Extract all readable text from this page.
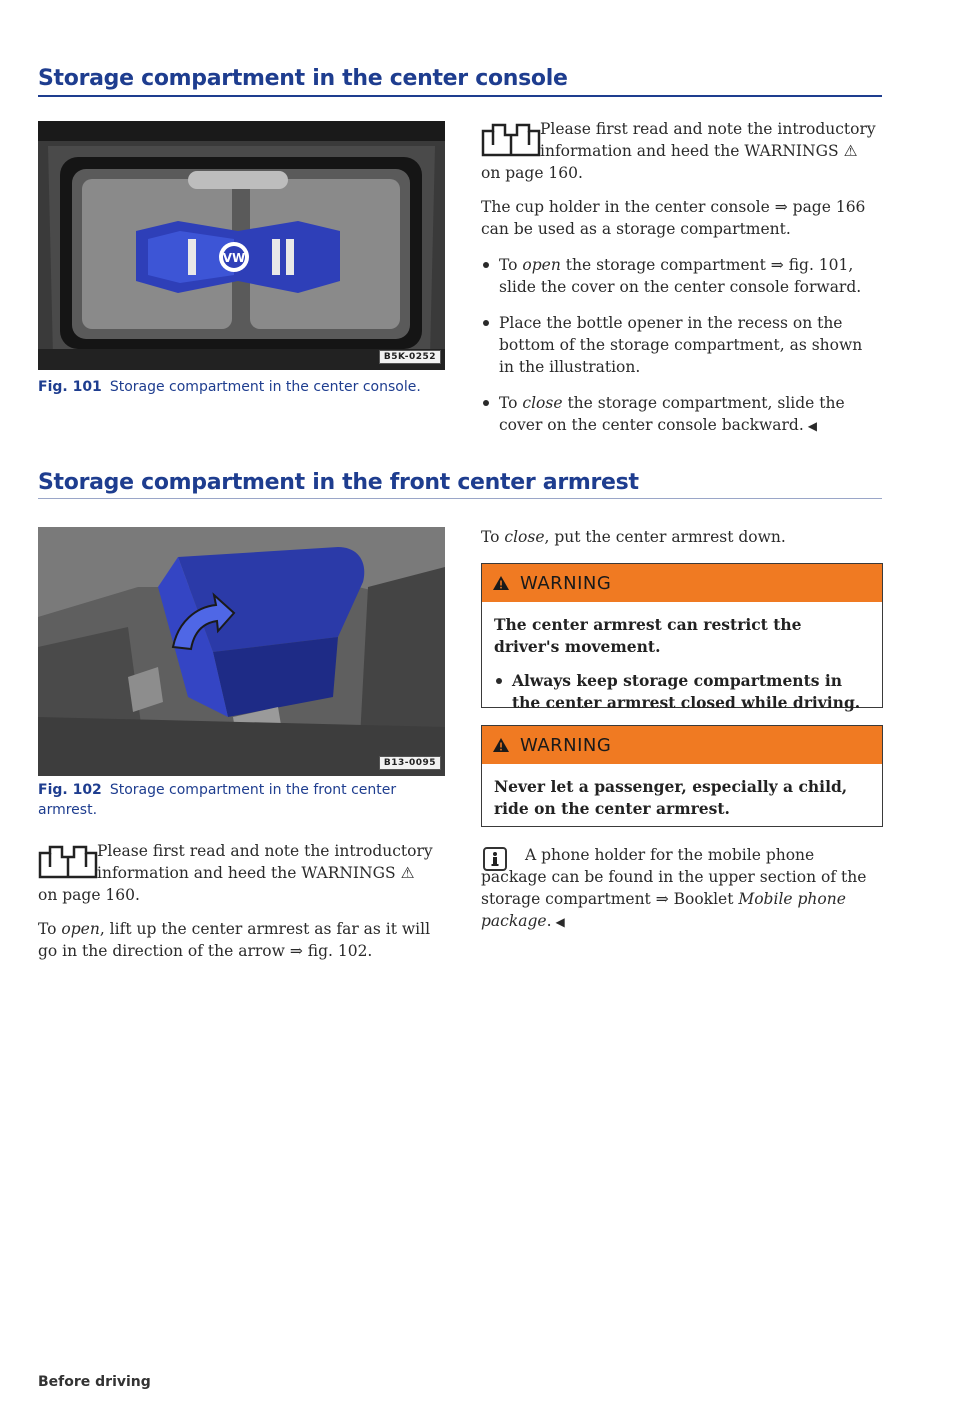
Storage compartment in the center console
VW
B5K-0252
Fig. 101 Storage compartment in the center console.
Please first read and note the introductory
information and heed the WARNINGS ⚠
on page 160.

The cup holder in the center console ⇒ page 166 can be used as a storage compartment.

To open the storage compartment ⇒ fig. 101, slide the cover on the center console forward.

Place the bottle opener in the recess on the bottom of the storage compartment, as shown in the illustration.

To close the storage compartment, slide the cover on the center console backward. ◀

Storage compartment in the front center armrest
B13-0095
Fig. 102 Storage compartment in the front center armrest.
Please first read and note the introductory
information and heed the WARNINGS ⚠
on page 160.

To open, lift up the center armrest as far as it will go in the direction of the arrow ⇒ fig. 102.

To close, put the center armrest down.
WARNING

The center armrest can restrict the driver's movement.

Always keep storage compartments in the center armrest closed while driving.

WARNING

Never let a passenger, especially a child, ride on the center armrest.

A phone holder for the mobile phone package can be found in the upper section of the storage compartment ⇒ Booklet Mobile phone package. ◀
Before driving
